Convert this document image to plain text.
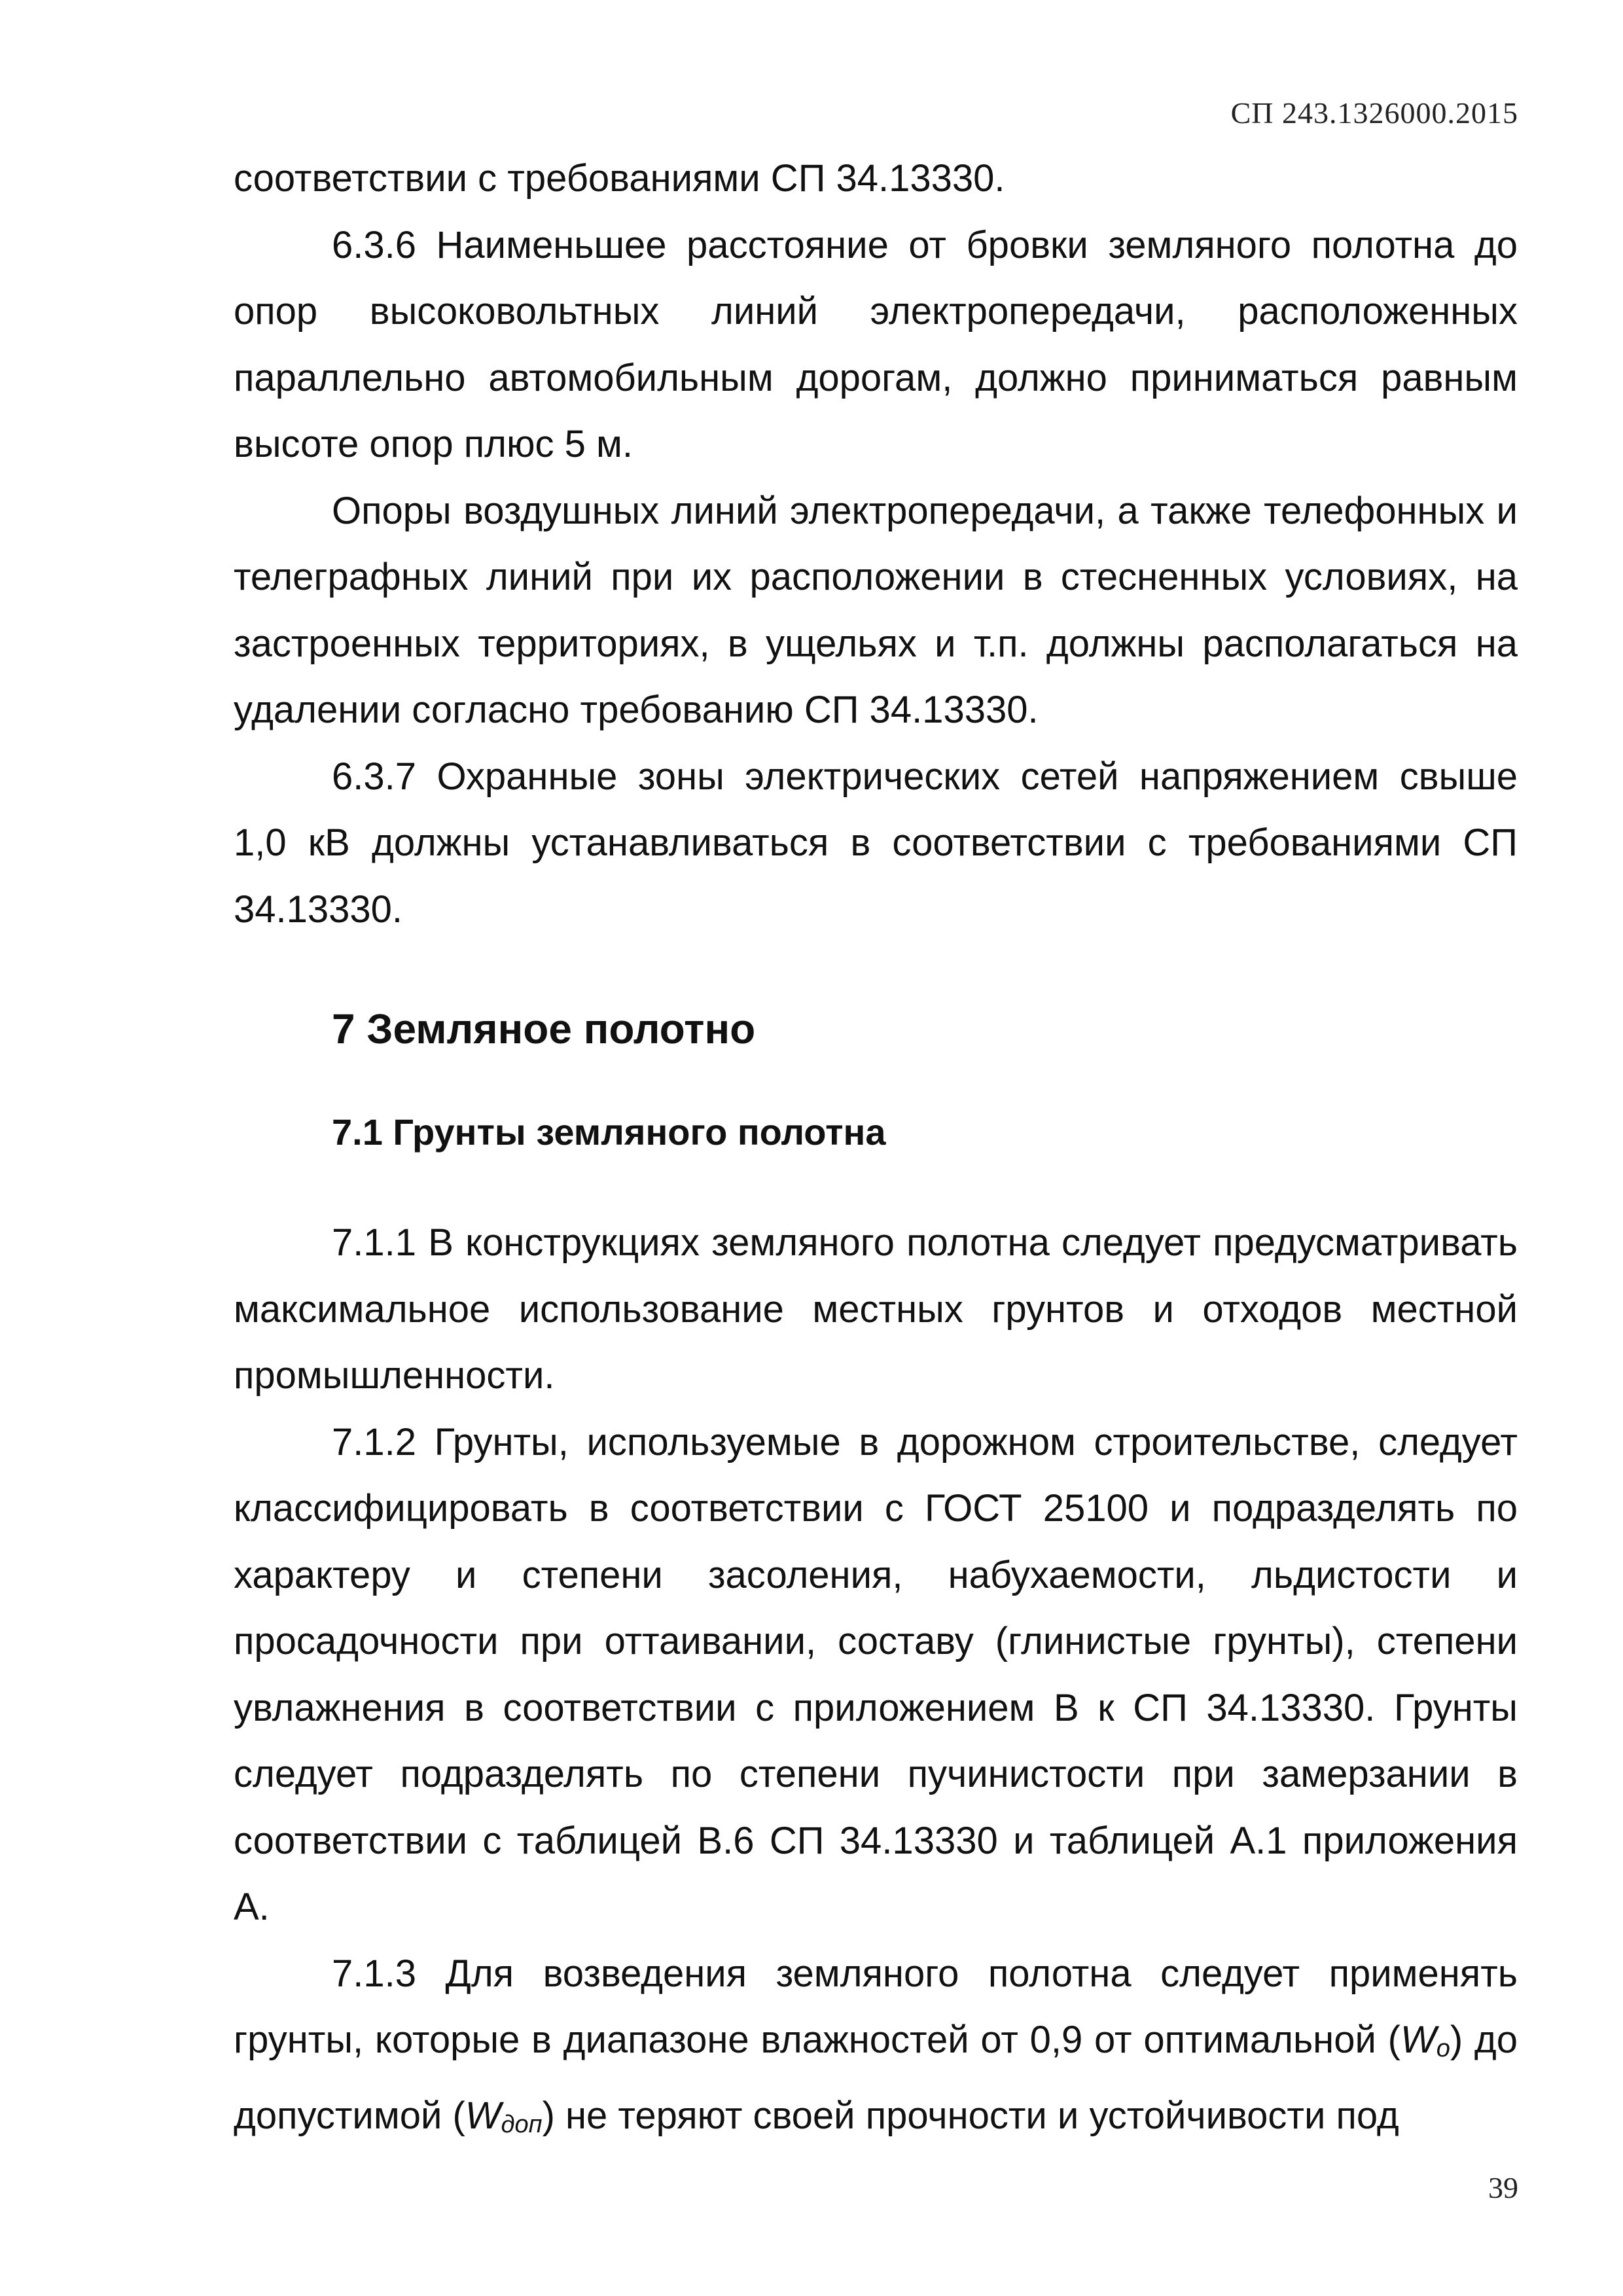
СП 243.1326000.2015

соответствии с требованиями СП 34.13330.

6.3.6 Наименьшее расстояние от бровки земляного полотна до опор высоковольтных линий электропередачи, расположенных параллельно автомобильным дорогам, должно приниматься равным высоте опор плюс 5 м.

Опоры воздушных линий электропередачи, а также телефонных и телеграфных линий при их расположении в стесненных условиях, на застроенных территориях, в ущельях и т.п. должны располагаться на удалении согласно требованию СП 34.13330.

6.3.7 Охранные зоны электрических сетей напряжением свыше 1,0 кВ должны устанавливаться в соответствии с требованиями СП 34.13330.

7 Земляное полотно
7.1 Грунты земляного полотна

7.1.1 В конструкциях земляного полотна следует предусматривать максимальное использование местных грунтов и отходов местной промышленности.

7.1.2 Грунты, используемые в дорожном строительстве, следует классифицировать в соответствии с ГОСТ 25100 и подразделять по характеру и степени засоления, набухаемости, льдистости и просадочности при оттаивании, составу (глинистые грунты), степени увлажнения в соответствии с приложением В к СП 34.13330. Грунты следует подразделять по степени пучинистости при замерзании в соответствии с таблицей В.6 СП 34.13330 и таблицей А.1 приложения А.

7.1.3 Для возведения земляного полотна следует применять грунты, которые в диапазоне влажностей от 0,9 от оптимальной (Wo) до допустимой (Wдоп) не теряют своей прочности и устойчивости под

39
